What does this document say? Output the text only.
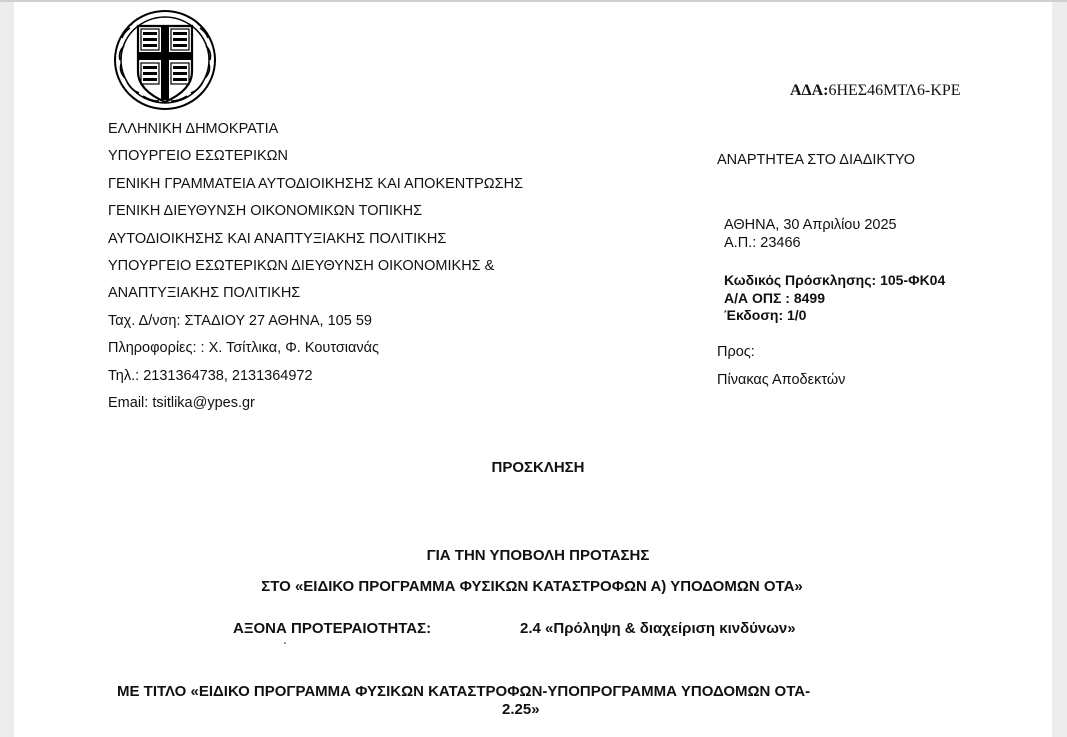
ΑΔΑ:6ΗΕΣ46ΜΤΛ6-ΚΡΕ
ΕΛΛΗΝΙΚΗ ΔΗΜΟΚΡΑΤΙΑ
ΥΠΟΥΡΓΕΙΟ ΕΣΩΤΕΡΙΚΩΝ
ΓΕΝΙΚΗ ΓΡΑΜΜΑΤΕΙΑ ΑΥΤΟΔΙΟΙΚΗΣΗΣ ΚΑΙ ΑΠΟΚΕΝΤΡΩΣΗΣ
ΓΕΝΙΚΗ ΔΙΕΥΘΥΝΣΗ ΟΙΚΟΝΟΜΙΚΩΝ ΤΟΠΙΚΗΣ
ΑΥΤΟΔΙΟΙΚΗΣΗΣ ΚΑΙ ΑΝΑΠΤΥΞΙΑΚΗΣ ΠΟΛΙΤΙΚΗΣ
ΥΠΟΥΡΓΕΙΟ ΕΣΩΤΕΡΙΚΩΝ ΔΙΕΥΘΥΝΣΗ ΟΙΚΟΝΟΜΙΚΗΣ &
ΑΝΑΠΤΥΞΙΑΚΗΣ ΠΟΛΙΤΙΚΗΣ
Ταχ. Δ/νση: ΣΤΑΔΙΟΥ 27 ΑΘΗΝΑ, 105 59
Πληροφορίες: : Χ. Τσίτλικα, Φ. Κουτσιανάς
Τηλ.: 2131364738, 2131364972
Email: tsitlika@ypes.gr
ΑΝΑΡΤΗΤΕΑ ΣΤΟ ΔΙΑΔΙΚΤΥΟ
ΑΘΗΝΑ, 30 Απριλίου 2025
Α.Π.: 23466
Κωδικός Πρόσκλησης: 105-ΦΚ04
Α/Α ΟΠΣ : 8499
Έκδοση: 1/0
Προς:
Πίνακας Αποδεκτών
ΠΡΟΣΚΛΗΣΗ
ΓΙΑ ΤΗΝ ΥΠΟΒΟΛΗ ΠΡΟΤΑΣΗΣ
ΣΤΟ «ΕΙΔΙΚΟ ΠΡΟΓΡΑΜΜΑ ΦΥΣΙΚΩΝ ΚΑΤΑΣΤΡΟΦΩΝ Α) ΥΠΟΔΟΜΩΝ ΟΤΑ»
ΑΞΟΝΑ ΠΡΟΤΕΡΑΙΟΤΗΤΑΣ:	2.4 «Πρόληψη & διαχείριση κινδύνων»
ΜΕ ΤΙΤΛΟ «ΕΙΔΙΚΟ ΠΡΟΓΡΑΜΜΑ ΦΥΣΙΚΩΝ ΚΑΤΑΣΤΡΟΦΩΝ-ΥΠΟΠΡΟΓΡΑΜΜΑ ΥΠΟΔΟΜΩΝ ΟΤΑ-
2.25»
